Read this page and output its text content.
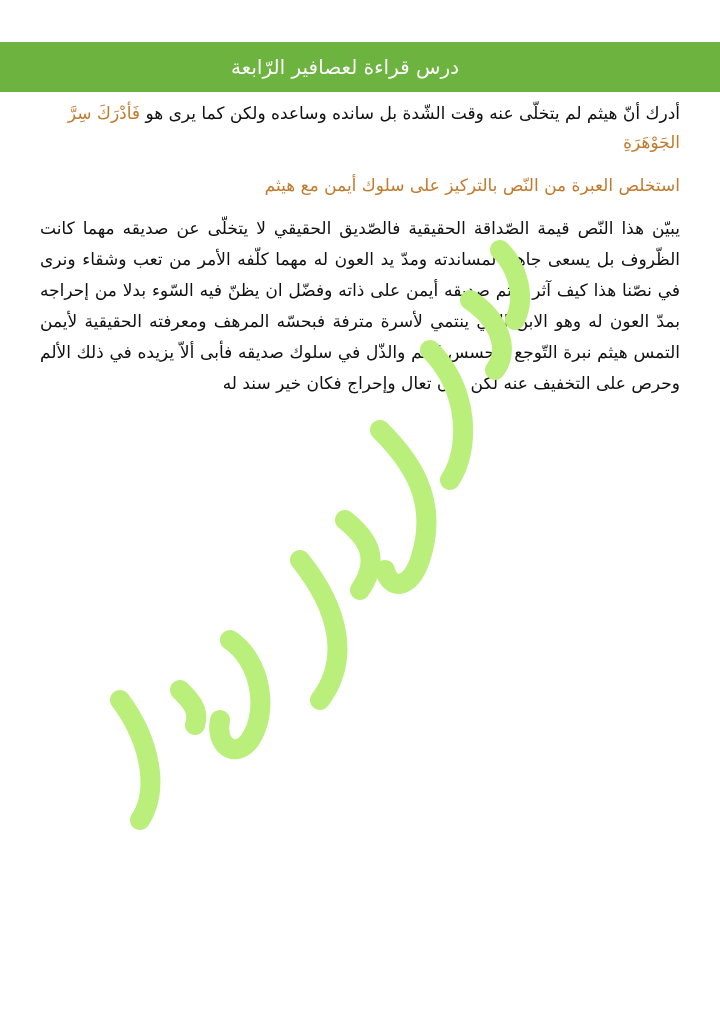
درس قراءة لعصافير الرّابعة

أدرك أنّ هيثم لم يتخلّى عنه وقت الشّدة بل سانده وساعده ولكن كما يرى هو فَأدْرَكَ سِرَّ الجَوْهَرَةِ

استخلص العبرة من النّص بالتركيز على سلوك أيمن مع هيثم

يبيّن هذا النّص قيمة الصّداقة الحقيقية فالصّديق الحقيقي لا يتخلّى عن صديقه مهما كانت الظّروف بل يسعى جاهدا لمساندته ومدّ يد العون له مهما كلّفه الأمر من تعب وشقاء ونرى في نصّنا هذا كيف آثر هيثم صديقه أيمن على ذاته وفضّل ان يظنّ فيه السّوء بدلا من إحراجه بمدّ العون له وهو الابن الذي ينتمي لأسرة مترفة فبحسّه المرهف ومعرفته الحقيقية لأيمن التمس هيثم نبرة التّوجع وتحسس الألم والذّل في سلوك صديقه فأبى ألاّ يزيده في ذلك الألم وحرص على التخفيف عنه لكن دون تعال وإحراج فكان خير سند له
